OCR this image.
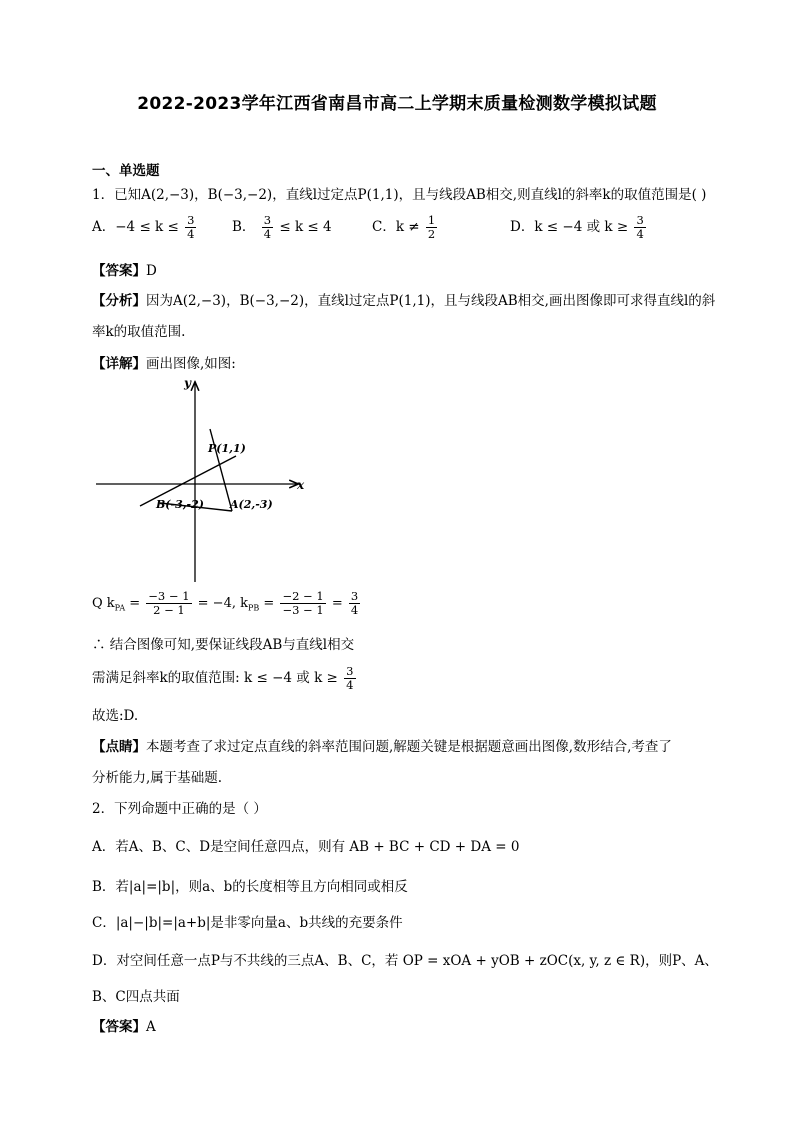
2022-2023学年江西省南昌市高二上学期末质量检测数学模拟试题
一、单选题
1．已知A(2,−3)，B(−3,−2)，直线l过定点P(1,1)，且与线段AB相交,则直线l的斜率k的取值范围是( )
A．$-4 \le k \le \frac{3}{4}$	B． $\frac{3}{4} \le k \le 4$	C．$k \ne \frac{1}{2}$	D．k ≤ −4 或 $k \ge \frac{3}{4}$
【答案】D
【分析】因为A(2,−3)，B(−3,−2)，直线l过定点P(1,1)，且与线段AB相交,画出图像即可求得直线l的斜
率k的取值范围.
【详解】画出图像,如图:
x
y
P(1,1)
A(2,-3)
B(-3,-2)
Q $k_{PA} = \frac{-3 - 1}{2 - 1} = -4$, $k_{PB} = \frac{-2 - 1}{-3 - 1} = \frac{3}{4}$
∴ 结合图像可知,要保证线段AB与直线l相交
需满足斜率k的取值范围: k ≤ −4 或 $k \ge \frac{3}{4}$
故选:D.
【点睛】本题考查了求过定点直线的斜率范围问题,解题关键是根据题意画出图像,数形结合,考查了
分析能力,属于基础题.
2．下列命题中正确的是（ ）
A．若A、B、C、D是空间任意四点，则有 AB + BC + CD + DA = 0
B．若|a|=|b|，则a、b的长度相等且方向相同或相反
C．|a|−|b|=|a+b|是非零向量a、b共线的充要条件
D．对空间任意一点P与不共线的三点A、B、C，若 OP = xOA + yOB + zOC(x, y, z ∈ R)，则P、A、
B、C四点共面
【答案】A
